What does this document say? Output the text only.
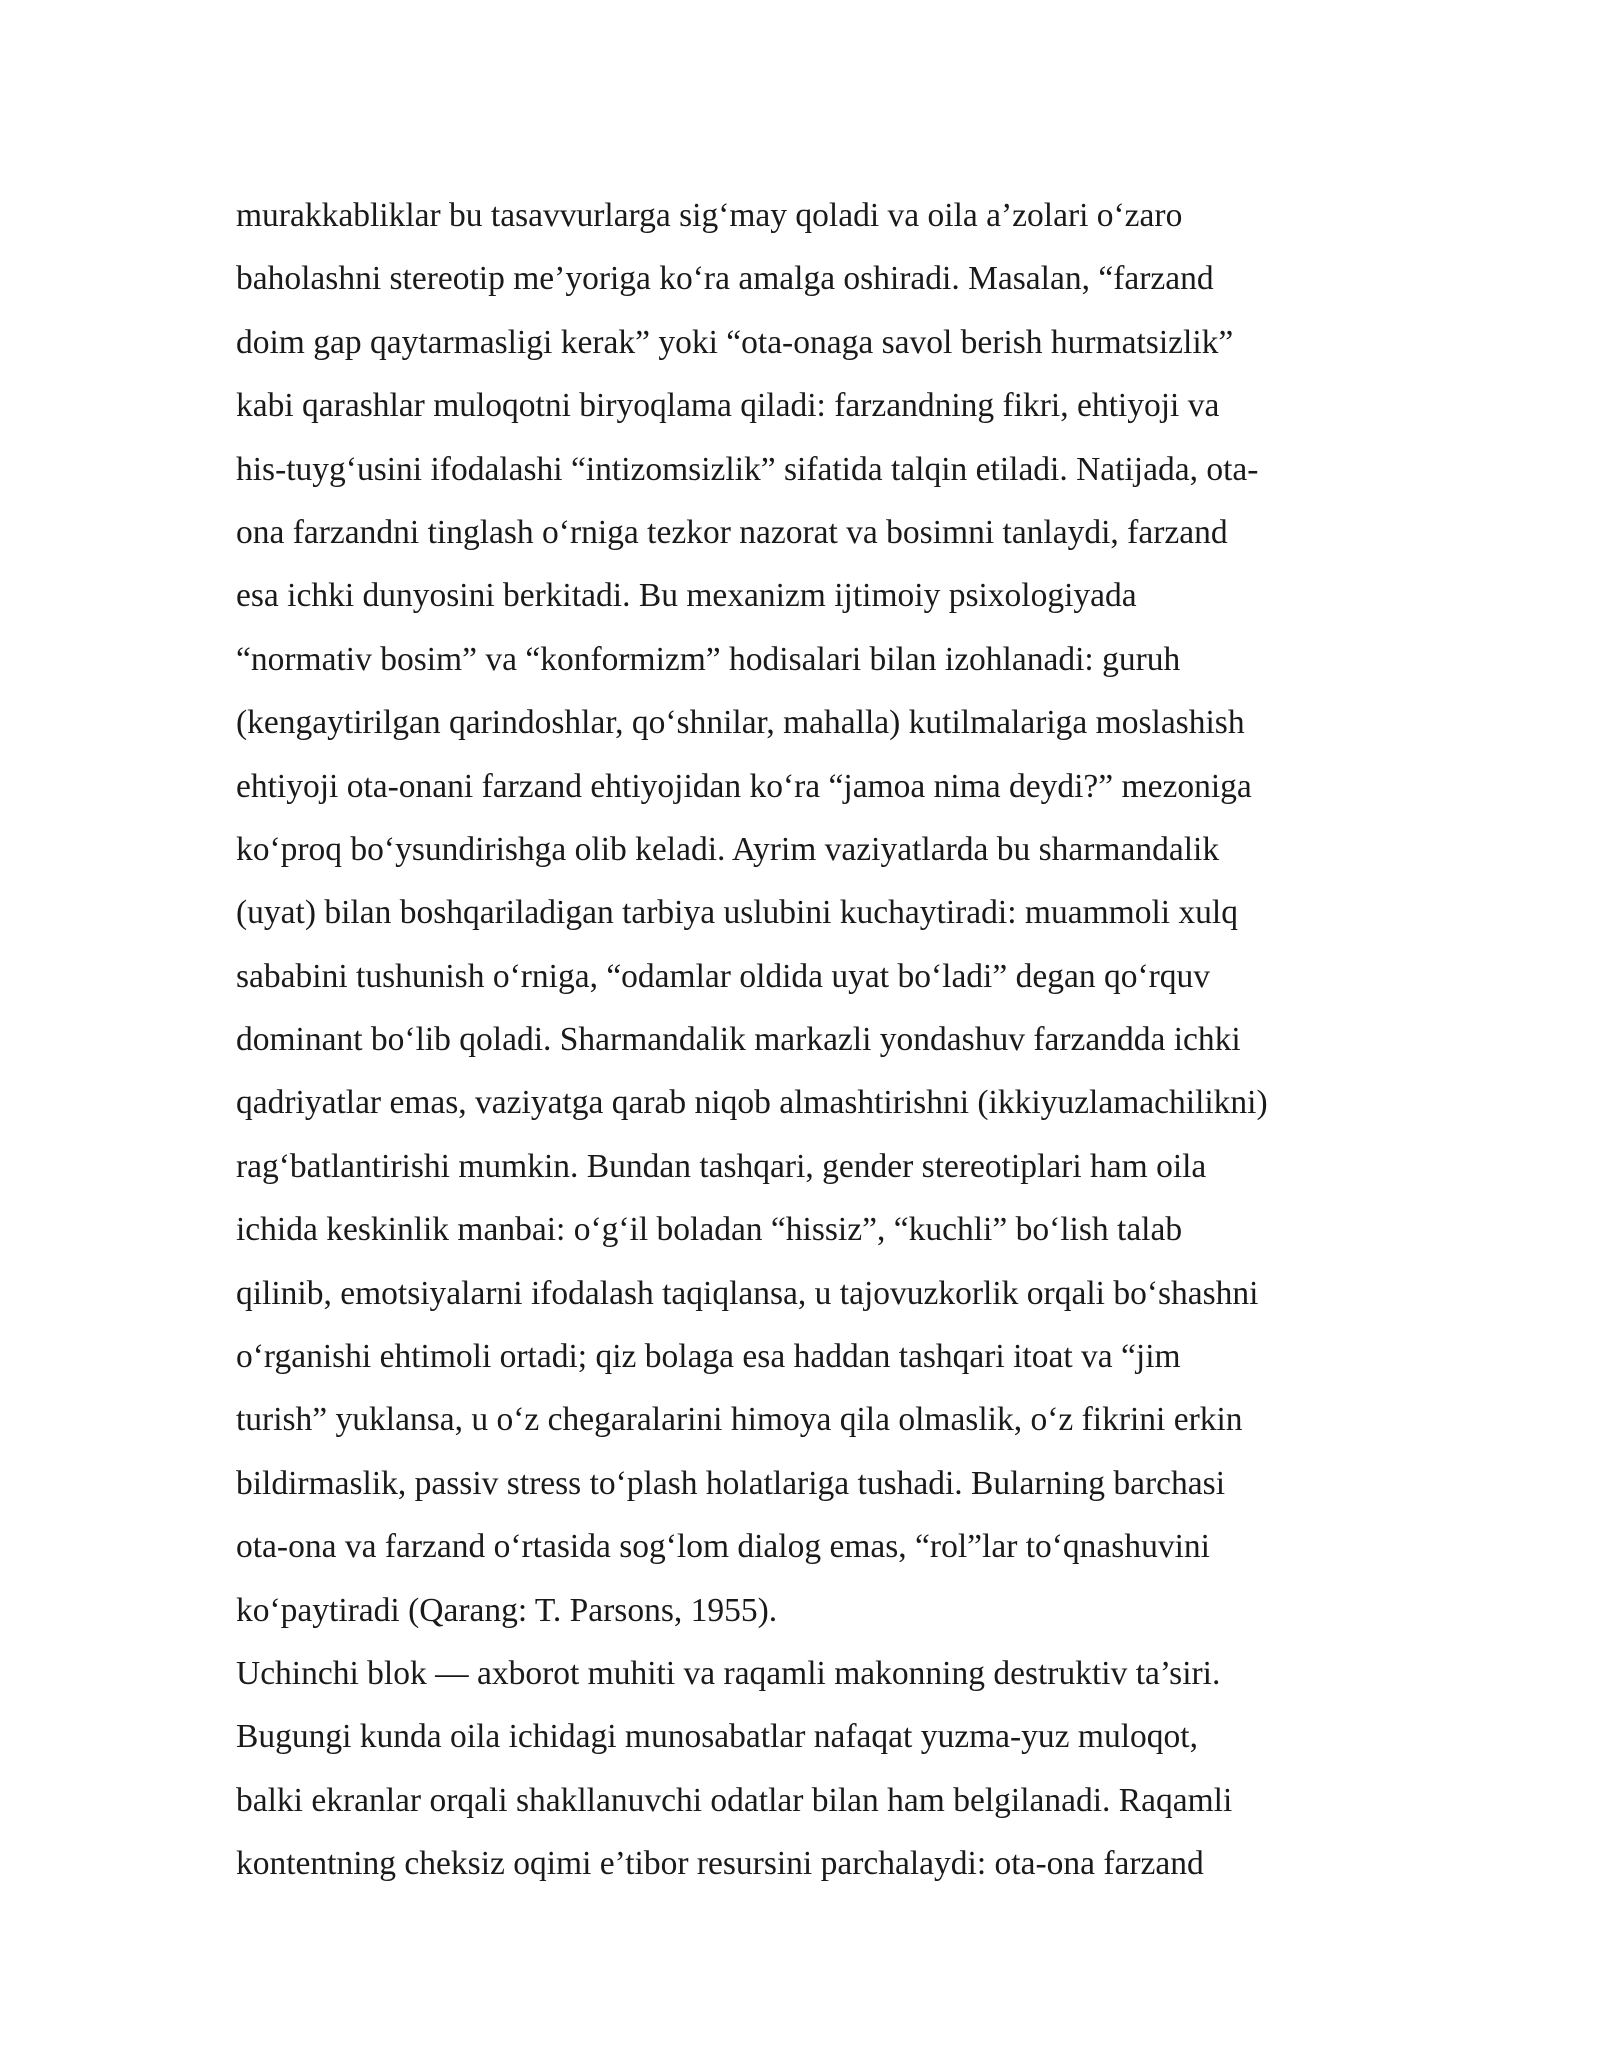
murakkabliklar bu tasavvurlarga sig‘may qoladi va oila a’zolari o‘zaro
baholashni stereotip me’yoriga ko‘ra amalga oshiradi. Masalan, “farzand
doim gap qaytarmasligi kerak” yoki “ota-onaga savol berish hurmatsizlik”
kabi qarashlar muloqotni biryoqlama qiladi: farzandning fikri, ehtiyoji va
his-tuyg‘usini ifodalashi “intizomsizlik” sifatida talqin etiladi. Natijada, ota-
ona farzandni tinglash o‘rniga tezkor nazorat va bosimni tanlaydi, farzand
esa ichki dunyosini berkitadi. Bu mexanizm ijtimoiy psixologiyada
“normativ bosim” va “konformizm” hodisalari bilan izohlanadi: guruh
(kengaytirilgan qarindoshlar, qo‘shnilar, mahalla) kutilmalariga moslashish
ehtiyoji ota-onani farzand ehtiyojidan ko‘ra “jamoa nima deydi?” mezoniga
ko‘proq bo‘ysundirishga olib keladi. Ayrim vaziyatlarda bu sharmandalik
(uyat) bilan boshqariladigan tarbiya uslubini kuchaytiradi: muammoli xulq
sababini tushunish o‘rniga, “odamlar oldida uyat bo‘ladi” degan qo‘rquv
dominant bo‘lib qoladi. Sharmandalik markazli yondashuv farzandda ichki
qadriyatlar emas, vaziyatga qarab niqob almashtirishni (ikkiyuzlamachilikni)
rag‘batlantirishi mumkin. Bundan tashqari, gender stereotiplari ham oila
ichida keskinlik manbai: o‘g‘il boladan “hissiz”, “kuchli” bo‘lish talab
qilinib, emotsiyalarni ifodalash taqiqlansa, u tajovuzkorlik orqali bo‘shashni
o‘rganishi ehtimoli ortadi; qiz bolaga esa haddan tashqari itoat va “jim
turish” yuklansa, u o‘z chegaralarini himoya qila olmaslik, o‘z fikrini erkin
bildirmaslik, passiv stress to‘plash holatlariga tushadi. Bularning barchasi
ota-ona va farzand o‘rtasida sog‘lom dialog emas, “rol”lar to‘qnashuvini
ko‘paytiradi (Qarang: T. Parsons, 1955).
Uchinchi blok — axborot muhiti va raqamli makonning destruktiv ta’siri.
Bugungi kunda oila ichidagi munosabatlar nafaqat yuzma-yuz muloqot,
balki ekranlar orqali shakllanuvchi odatlar bilan ham belgilanadi. Raqamli
kontentning cheksiz oqimi e’tibor resursini parchalaydi: ota-ona farzand
